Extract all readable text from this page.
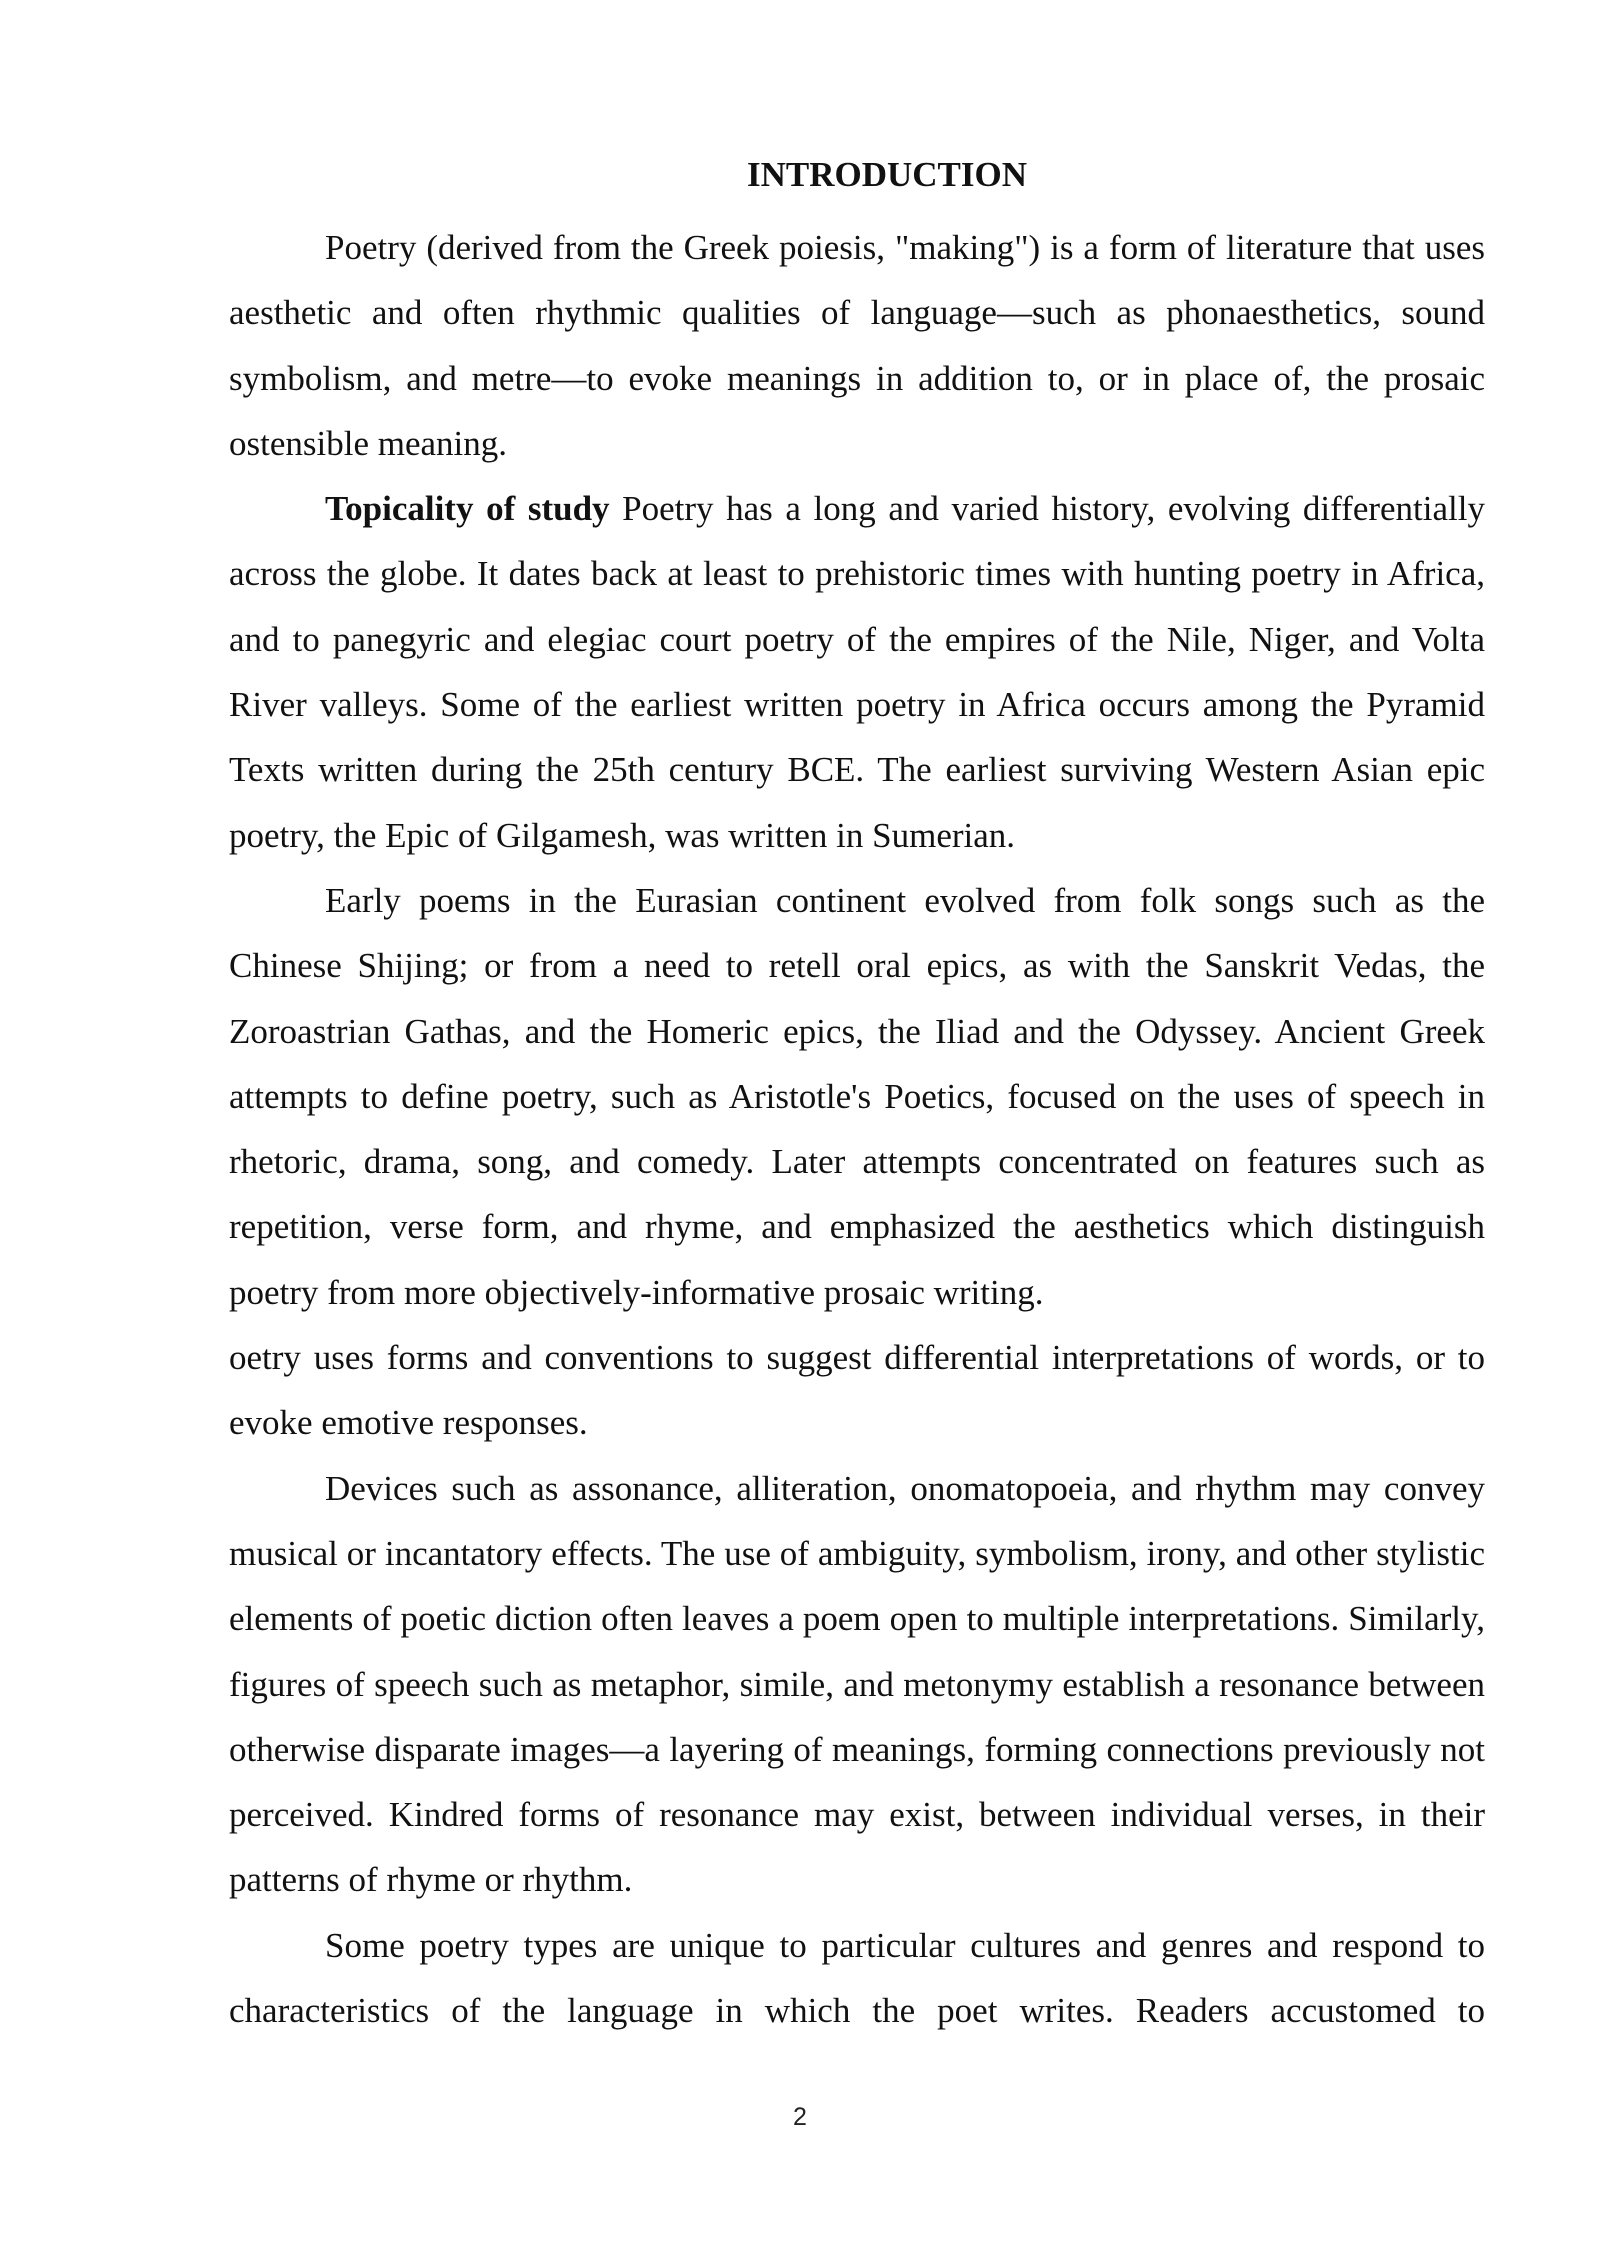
INTRODUCTION

Poetry (derived from the Greek poiesis, "making") is a form of literature that uses aesthetic and often rhythmic qualities of language—such as phonaesthetics, sound symbolism, and metre—to evoke meanings in addition to, or in place of, the prosaic ostensible meaning.

Topicality of study Poetry has a long and varied history, evolving differentially across the globe. It dates back at least to prehistoric times with hunting poetry in Africa, and to panegyric and elegiac court poetry of the empires of the Nile, Niger, and Volta River valleys. Some of the earliest written poetry in Africa occurs among the Pyramid Texts written during the 25th century BCE. The earliest surviving Western Asian epic poetry, the Epic of Gilgamesh, was written in Sumerian.

Early poems in the Eurasian continent evolved from folk songs such as the Chinese Shijing; or from a need to retell oral epics, as with the Sanskrit Vedas, the Zoroastrian Gathas, and the Homeric epics, the Iliad and the Odyssey. Ancient Greek attempts to define poetry, such as Aristotle's Poetics, focused on the uses of speech in rhetoric, drama, song, and comedy. Later attempts concentrated on features such as repetition, verse form, and rhyme, and emphasized the aesthetics which distinguish poetry from more objectively-informative prosaic writing.

oetry uses forms and conventions to suggest differential interpretations of words, or to evoke emotive responses.

Devices such as assonance, alliteration, onomatopoeia, and rhythm may convey musical or incantatory effects. The use of ambiguity, symbolism, irony, and other stylistic elements of poetic diction often leaves a poem open to multiple interpretations. Similarly, figures of speech such as metaphor, simile, and metonymy establish a resonance between otherwise disparate images—a layering of meanings, forming connections previously not perceived. Kindred forms of resonance may exist, between individual verses, in their patterns of rhyme or rhythm.

Some poetry types are unique to particular cultures and genres and respond to characteristics of the language in which the poet writes. Readers accustomed to

2
